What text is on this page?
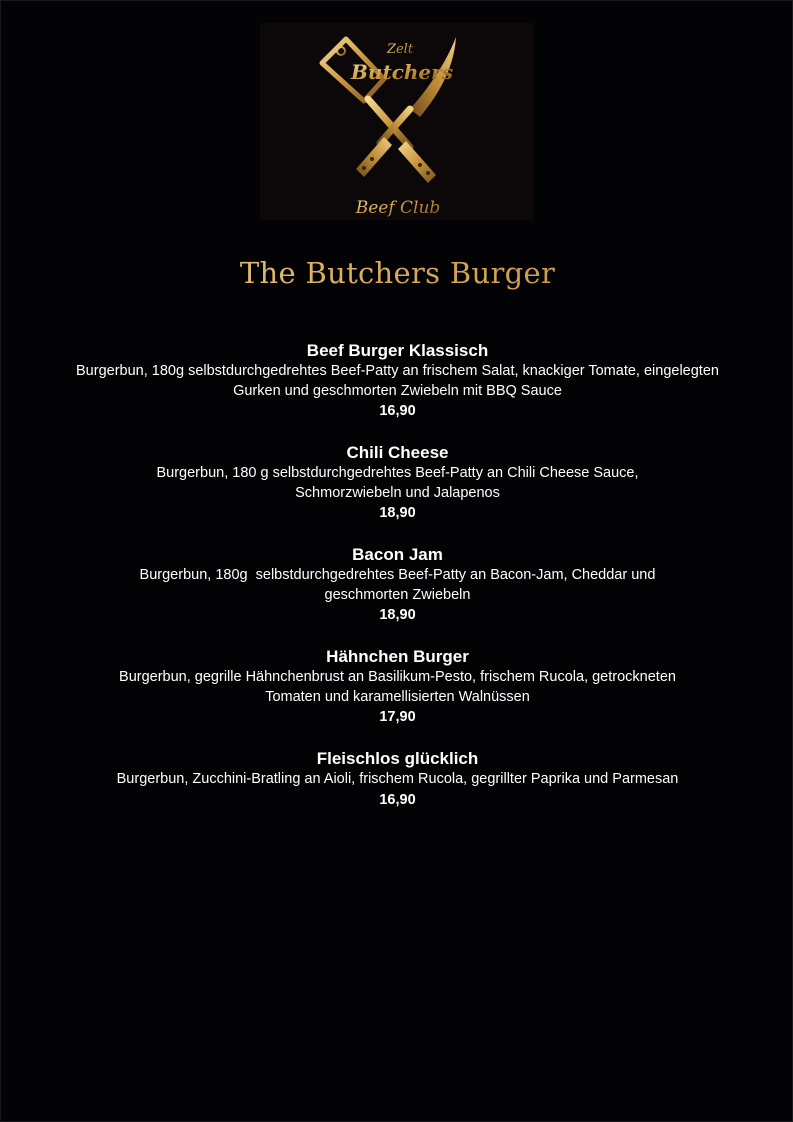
Zelt
Butchers
Beef Club
The Butchers Burger
Beef Burger Klassisch
Burgerbun, 180g selbstdurchgedrehtes Beef-Patty an frischem Salat, knackiger Tomate, eingelegten
Gurken und geschmorten Zwiebeln mit BBQ Sauce
16,90
Chili Cheese
Burgerbun, 180 g selbstdurchgedrehtes Beef-Patty an Chili Cheese Sauce,
Schmorzwiebeln und Jalapenos
18,90
Bacon Jam
Burgerbun, 180g  selbstdurchgedrehtes Beef-Patty an Bacon-Jam, Cheddar und
geschmorten Zwiebeln
18,90
Hähnchen Burger
Burgerbun, gegrille Hähnchenbrust an Basilikum-Pesto, frischem Rucola, getrockneten
Tomaten und karamellisierten Walnüssen
17,90
Fleischlos glücklich
Burgerbun, Zucchini-Bratling an Aioli, frischem Rucola, gegrillter Paprika und Parmesan
16,90
